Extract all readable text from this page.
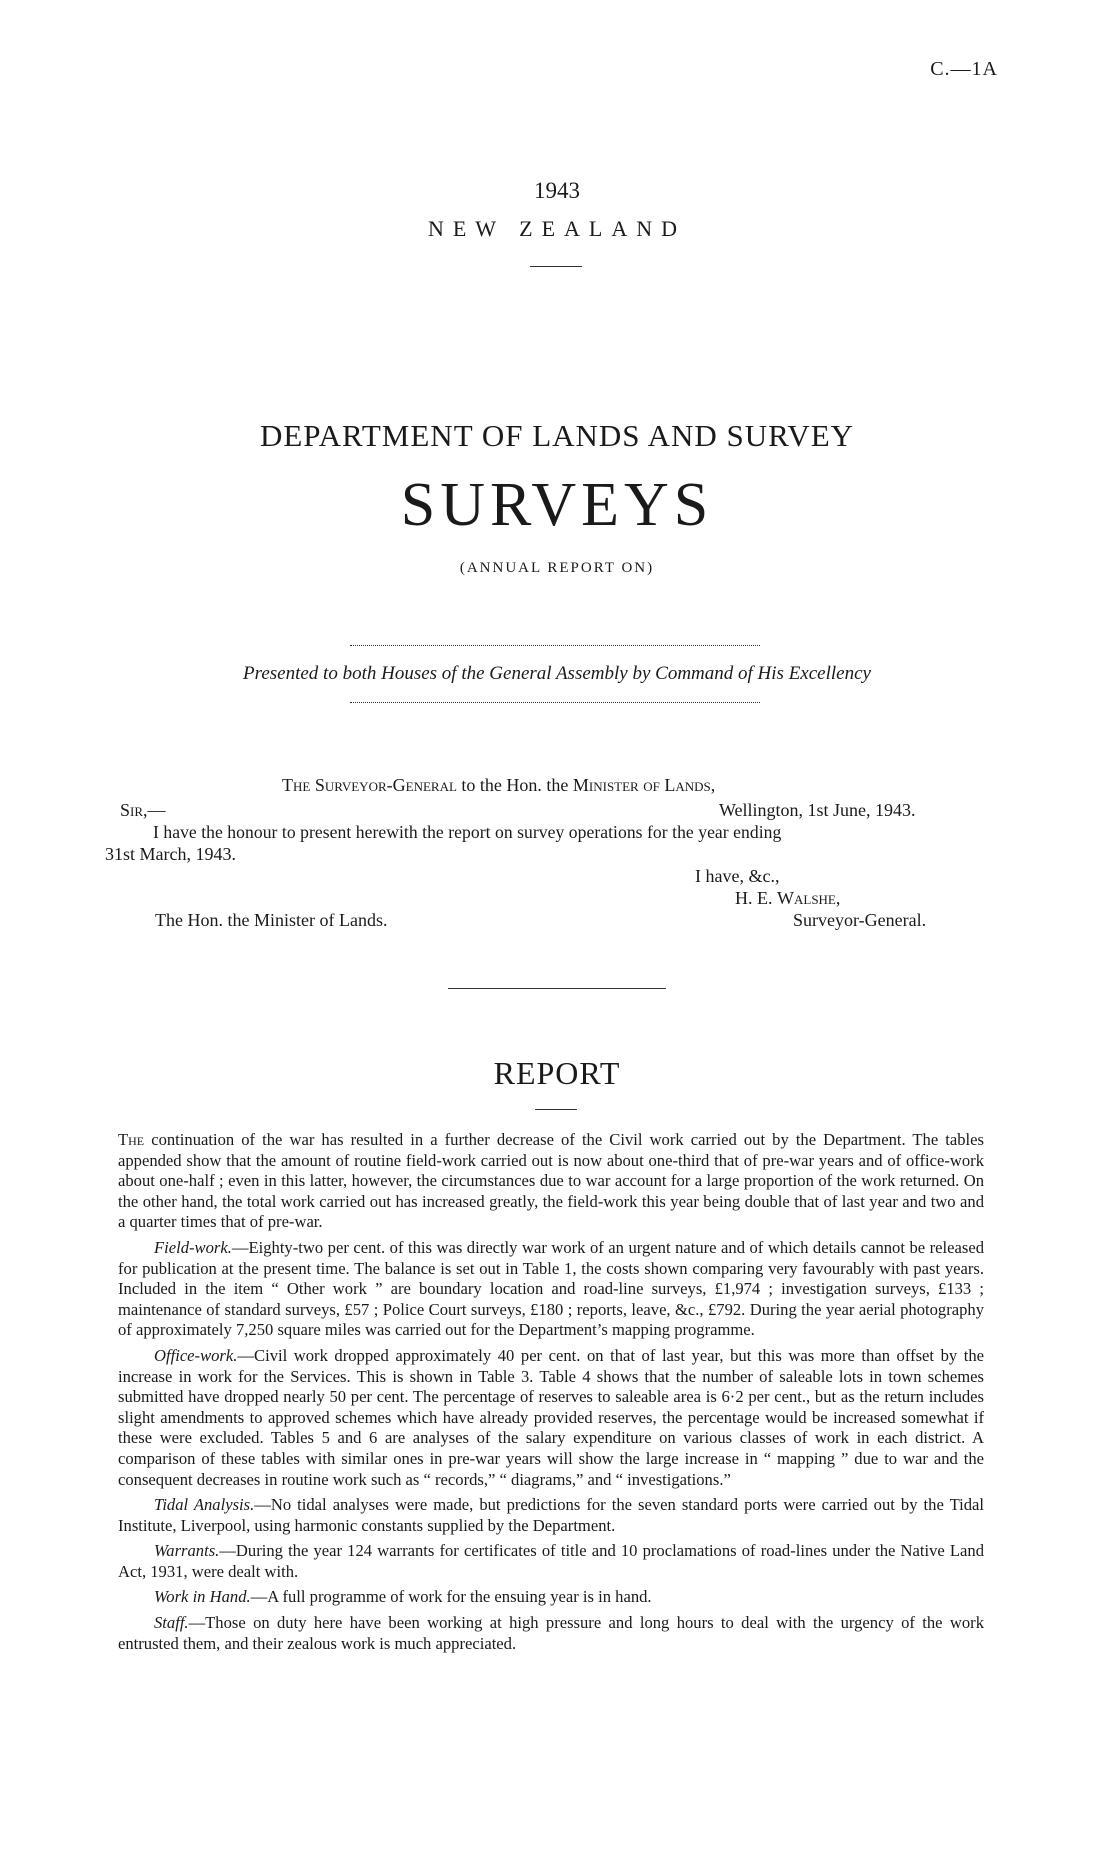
C.—1A
1943
NEW ZEALAND
DEPARTMENT OF LANDS AND SURVEY
SURVEYS
(ANNUAL REPORT ON)
Presented to both Houses of the General Assembly by Command of His Excellency
The Surveyor-General to the Hon. the Minister of Lands,
Sir,—	Wellington, 1st June, 1943.
I have the honour to present herewith the report on survey operations for the year ending
31st March, 1943.
I have, &c.,
H. E. Walshe,
The Hon. the Minister of Lands.	Surveyor-General.
REPORT

The continuation of the war has resulted in a further decrease of the Civil work carried out by the Department. The tables appended show that the amount of routine field-work carried out is now about one-third that of pre-war years and of office-work about one-half ; even in this latter, however, the circumstances due to war account for a large proportion of the work returned. On the other hand, the total work carried out has increased greatly, the field-work this year being double that of last year and two and a quarter times that of pre-war.

Field-work.—Eighty-two per cent. of this was directly war work of an urgent nature and of which details cannot be released for publication at the present time. The balance is set out in Table 1, the costs shown comparing very favourably with past years. Included in the item “ Other work ” are boundary location and road-line surveys, £1,974 ; investigation surveys, £133 ; maintenance of standard surveys, £57 ; Police Court surveys, £180 ; reports, leave, &c., £792. During the year aerial photography of approximately 7,250 square miles was carried out for the Department’s mapping programme.

Office-work.—Civil work dropped approximately 40 per cent. on that of last year, but this was more than offset by the increase in work for the Services. This is shown in Table 3. Table 4 shows that the number of saleable lots in town schemes submitted have dropped nearly 50 per cent. The percentage of reserves to saleable area is 6·2 per cent., but as the return includes slight amendments to approved schemes which have already provided reserves, the percentage would be increased somewhat if these were excluded. Tables 5 and 6 are analyses of the salary expenditure on various classes of work in each district. A comparison of these tables with similar ones in pre-war years will show the large increase in “ mapping ” due to war and the consequent decreases in routine work such as “ records,” “ diagrams,” and “ investigations.”

Tidal Analysis.—No tidal analyses were made, but predictions for the seven standard ports were carried out by the Tidal Institute, Liverpool, using harmonic constants supplied by the Department.

Warrants.—During the year 124 warrants for certificates of title and 10 proclamations of road-lines under the Native Land Act, 1931, were dealt with.

Work in Hand.—A full programme of work for the ensuing year is in hand.

Staff.—Those on duty here have been working at high pressure and long hours to deal with the urgency of the work entrusted them, and their zealous work is much appreciated.
